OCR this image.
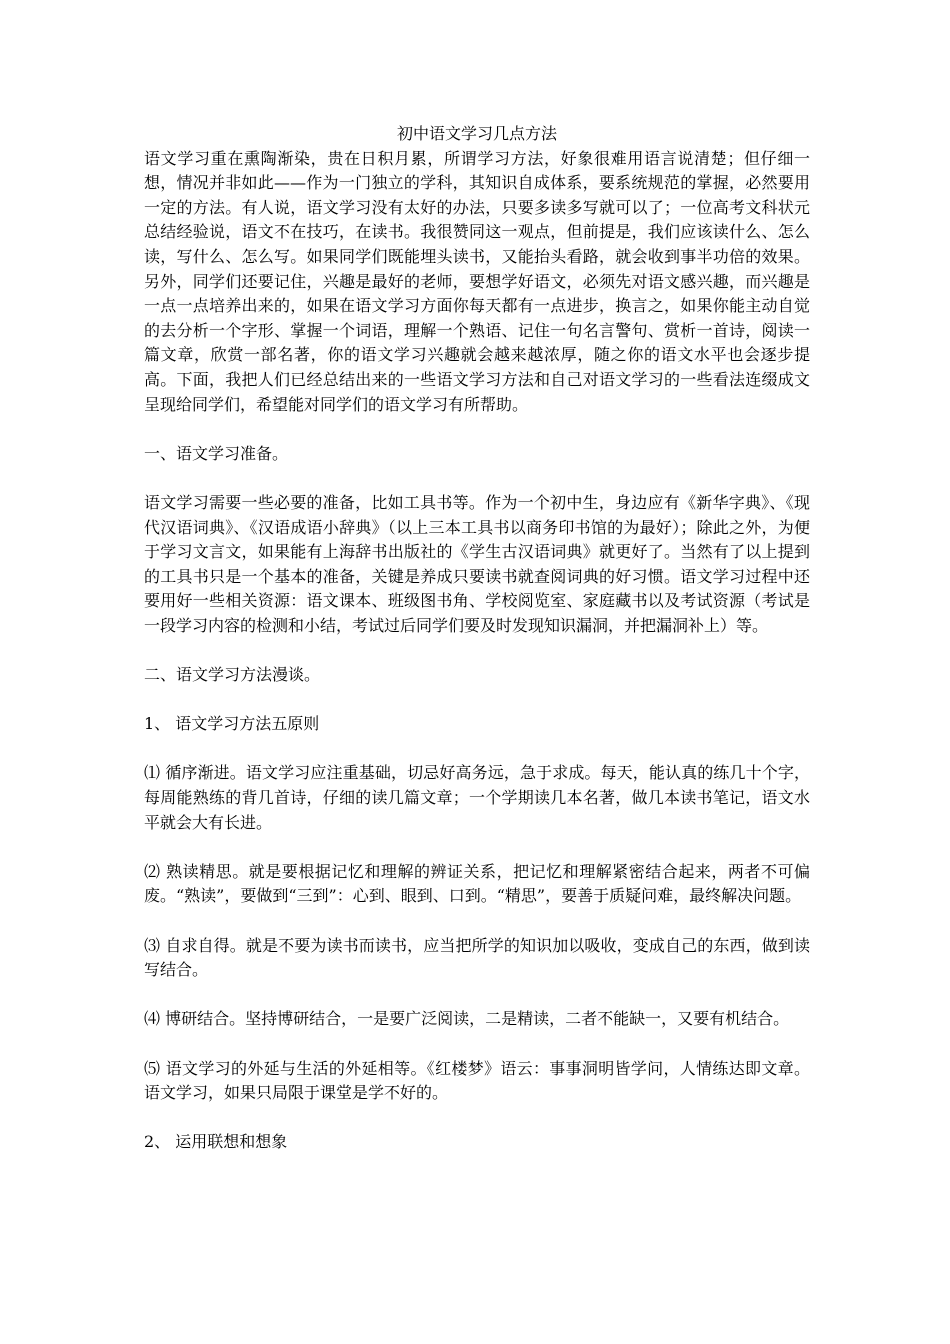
初中语文学习几点方法

语文学习重在熏陶渐染，贵在日积月累，所谓学习方法，好象很难用语言说清楚；但仔细一想，情况并非如此——作为一门独立的学科，其知识自成体系，要系统规范的掌握，必然要用一定的方法。有人说，语文学习没有太好的办法，只要多读多写就可以了；一位高考文科状元总结经验说，语文不在技巧，在读书。我很赞同这一观点，但前提是，我们应该读什么、怎么读，写什么、怎么写。如果同学们既能埋头读书，又能抬头看路，就会收到事半功倍的效果。另外，同学们还要记住，兴趣是最好的老师，要想学好语文，必须先对语文感兴趣，而兴趣是一点一点培养出来的，如果在语文学习方面你每天都有一点进步，换言之，如果你能主动自觉的去分析一个字形、掌握一个词语，理解一个熟语、记住一句名言警句、赏析一首诗，阅读一篇文章，欣赏一部名著，你的语文学习兴趣就会越来越浓厚，随之你的语文水平也会逐步提高。下面，我把人们已经总结出来的一些语文学习方法和自己对语文学习的一些看法连缀成文呈现给同学们，希望能对同学们的语文学习有所帮助。

一、语文学习准备。

语文学习需要一些必要的准备，比如工具书等。作为一个初中生，身边应有《新华字典》、《现代汉语词典》、《汉语成语小辞典》（以上三本工具书以商务印书馆的为最好）；除此之外，为便于学习文言文，如果能有上海辞书出版社的《学生古汉语词典》就更好了。当然有了以上提到的工具书只是一个基本的准备，关键是养成只要读书就查阅词典的好习惯。语文学习过程中还要用好一些相关资源：语文课本、班级图书角、学校阅览室、家庭藏书以及考试资源（考试是一段学习内容的检测和小结，考试过后同学们要及时发现知识漏洞，并把漏洞补上）等。

二、语文学习方法漫谈。

1、 语文学习方法五原则

⑴ 循序渐进。语文学习应注重基础，切忌好高务远，急于求成。每天，能认真的练几十个字，每周能熟练的背几首诗，仔细的读几篇文章；一个学期读几本名著，做几本读书笔记，语文水平就会大有长进。

⑵ 熟读精思。就是要根据记忆和理解的辨证关系，把记忆和理解紧密结合起来，两者不可偏废。“熟读”，要做到“三到”：心到、眼到、口到。“精思”，要善于质疑问难，最终解决问题。

⑶ 自求自得。就是不要为读书而读书，应当把所学的知识加以吸收，变成自己的东西，做到读写结合。

⑷ 博研结合。坚持博研结合，一是要广泛阅读，二是精读，二者不能缺一，又要有机结合。

⑸ 语文学习的外延与生活的外延相等。《红楼梦》语云：事事洞明皆学问，人情练达即文章。语文学习，如果只局限于课堂是学不好的。

2、 运用联想和想象
